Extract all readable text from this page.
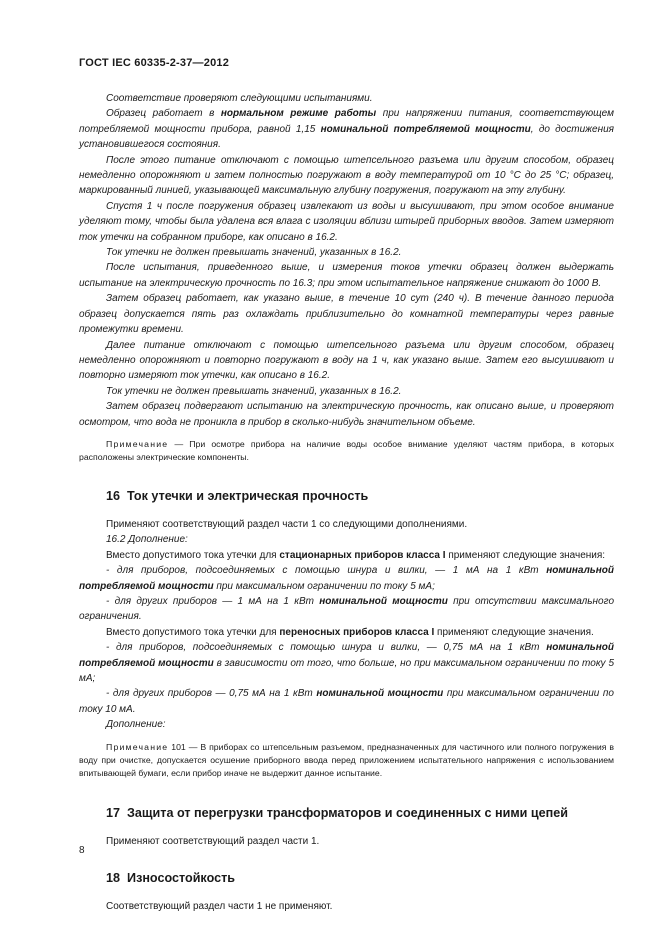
ГОСТ IEC 60335-2-37—2012

Соответствие проверяют следующими испытаниями.

Образец работает в нормальном режиме работы при напряжении питания, соответствующем потребляемой мощности прибора, равной 1,15 номинальной потребляемой мощности, до достижения установившегося состояния.

После этого питание отключают с помощью штепсельного разъема или другим способом, образец немедленно опорожняют и затем полностью погружают в воду температурой от 10 °С до 25 °С; образец, маркированный линией, указывающей максимальную глубину погружения, погружают на эту глубину.

Спустя 1 ч после погружения образец извлекают из воды и высушивают, при этом особое внимание уделяют тому, чтобы была удалена вся влага с изоляции вблизи штырей приборных вводов. Затем измеряют ток утечки на собранном приборе, как описано в 16.2.

Ток утечки не должен превышать значений, указанных в 16.2.

После испытания, приведенного выше, и измерения токов утечки образец должен выдержать испытание на электрическую прочность по 16.3; при этом испытательное напряжение снижают до 1000 В.

Затем образец работает, как указано выше, в течение 10 сут (240 ч). В течение данного периода образец допускается пять раз охлаждать приблизительно до комнатной температуры через равные промежутки времени.

Далее питание отключают с помощью штепсельного разъема или другим способом, образец немедленно опорожняют и повторно погружают в воду на 1 ч, как указано выше. Затем его высушивают и повторно измеряют ток утечки, как описано в 16.2.

Ток утечки не должен превышать значений, указанных в 16.2.

Затем образец подвергают испытанию на электрическую прочность, как описано выше, и проверяют осмотром, что вода не проникла в прибор в сколько-нибудь значительном объеме.

Примечание — При осмотре прибора на наличие воды особое внимание уделяют частям прибора, в которых расположены электрические компоненты.

16 Ток утечки и электрическая прочность

Применяют соответствующий раздел части 1 со следующими дополнениями.

16.2 Дополнение:

Вместо допустимого тока утечки для стационарных приборов класса I применяют следующие значения:

- для приборов, подсоединяемых с помощью шнура и вилки, — 1 мА на 1 кВт номинальной потребляемой мощности при максимальном ограничении по току 5 мА;

- для других приборов — 1 мА на 1 кВт номинальной мощности при отсутствии максимального ограничения.

Вместо допустимого тока утечки для переносных приборов класса I применяют следующие значения.

- для приборов, подсоединяемых с помощью шнура и вилки, — 0,75 мА на 1 кВт номинальной потребляемой мощности в зависимости от того, что больше, но при максимальном ограничении по току 5 мА;

- для других приборов — 0,75 мА на 1 кВт номинальной мощности при максимальном ограничении по току 10 мА.

Дополнение:

Примечание 101 — В приборах со штепсельным разъемом, предназначенных для частичного или полного погружения в воду при очистке, допускается осушение приборного ввода перед приложением испытательного напряжения с использованием впитывающей бумаги, если прибор иначе не выдержит данное испытание.

17 Защита от перегрузки трансформаторов и соединенных с ними цепей

Применяют соответствующий раздел части 1.

18 Износостойкость

Соответствующий раздел части 1 не применяют.

8
